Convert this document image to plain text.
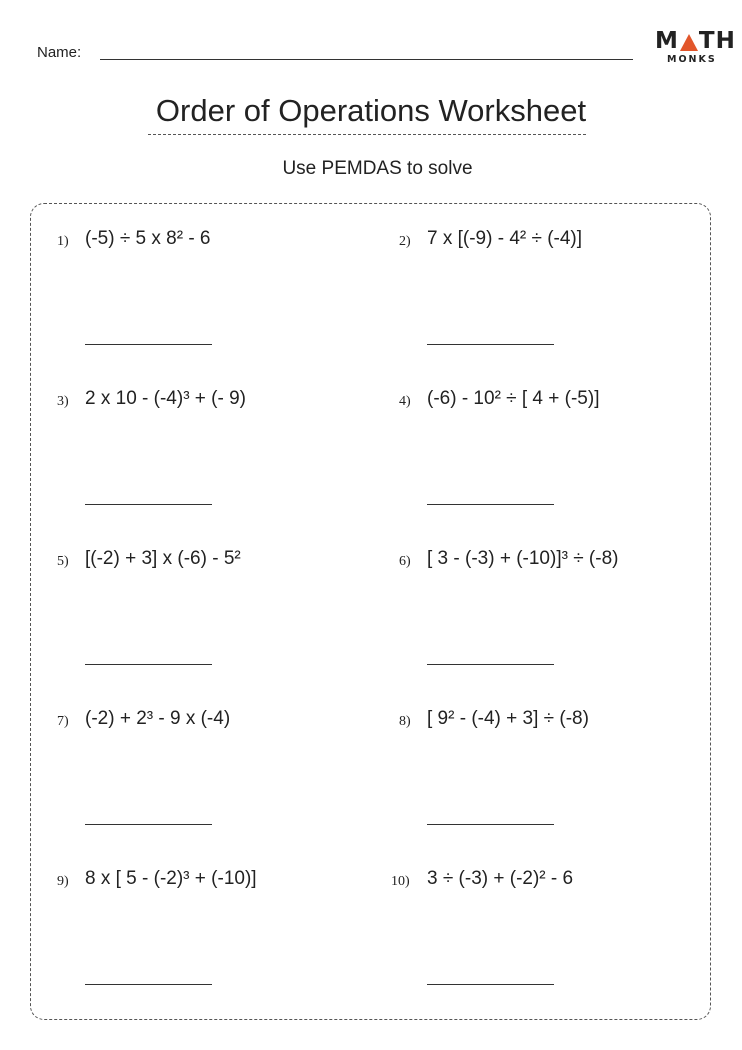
Name:	M TH
MONKS
Order of Operations Worksheet
Use PEMDAS to solve
1) (-5) ÷ 5 x 8² - 6	2) 7 x [(-9) - 4² ÷ (-4)]
3) 2 x 10 - (-4)³ + (- 9)	4) (-6) - 10² ÷ [ 4 + (-5)]
5) [(-2) + 3] x (-6) - 5²	6) [ 3 - (-3) + (-10)]³ ÷ (-8)
7) (-2) + 2³ - 9 x (-4)	8) [ 9² - (-4) + 3] ÷ (-8)
9) 8 x [ 5 - (-2)³ + (-10)]	10) 3 ÷ (-3) + (-2)² - 6
